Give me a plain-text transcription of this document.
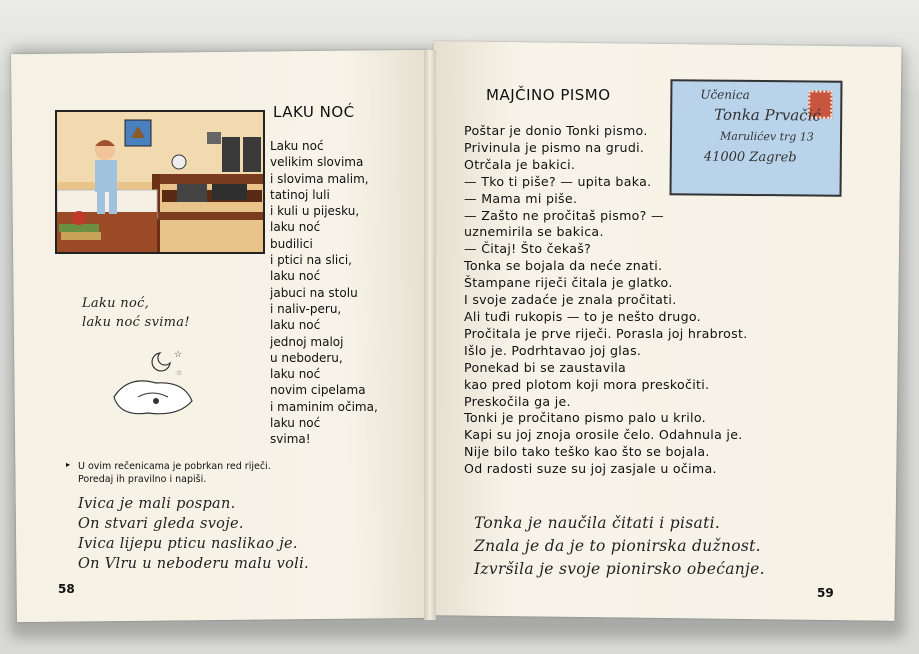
LAKU NOĆ
Laku noć
velikim slovima
i slovima malim,
tatinoj luli
i kuli u pijesku,
laku noć
budilici
i ptici na slici,
laku noć
jabuci na stolu
i naliv-peru,
laku noć
jednoj maloj
u neboderu,
laku noć
novim cipelama
i maminim očima,
laku noć
svima!
Laku noć,
laku noć svima!
☆
☆
▸ U ovim rečenicama je pobrkan red riječi.
Poredaj ih pravilno i napiši.
Ivica je mali pospan.
On stvari gleda svoje.
Ivica lijepu pticu naslikao je.
On Vlru u neboderu malu voli.
58
MAJČINO PISMO	Učenica
Tonka Prvačić
Marulićev trg 13
41000 Zagreb
Poštar je donio Tonki pismo.
Privinula je pismo na grudi.
Otrčala je bakici.
— Tko ti piše? — upita baka.
— Mama mi piše.
— Zašto ne pročitaš pismo? —
uznemirila se bakica.
— Čitaj! Što čekaš?
Tonka se bojala da neće znati.
Štampane riječi čitala je glatko.
I svoje zadaće je znala pročitati.
Ali tuđi rukopis — to je nešto drugo.
Pročitala je prve riječi. Porasla joj hrabrost.
Išlo je. Podrhtavao joj glas.
Ponekad bi se zaustavila
kao pred plotom koji mora preskočiti.
Preskočila ga je.
Tonki je pročitano pismo palo u krilo.
Kapi su joj znoja orosile čelo. Odahnula je.
Nije bilo tako teško kao što se bojala.
Od radosti suze su joj zasjale u očima.
Tonka je naučila čitati i pisati.
Znala je da je to pionirska dužnost.
Izvršila je svoje pionirsko obećanje.
59
